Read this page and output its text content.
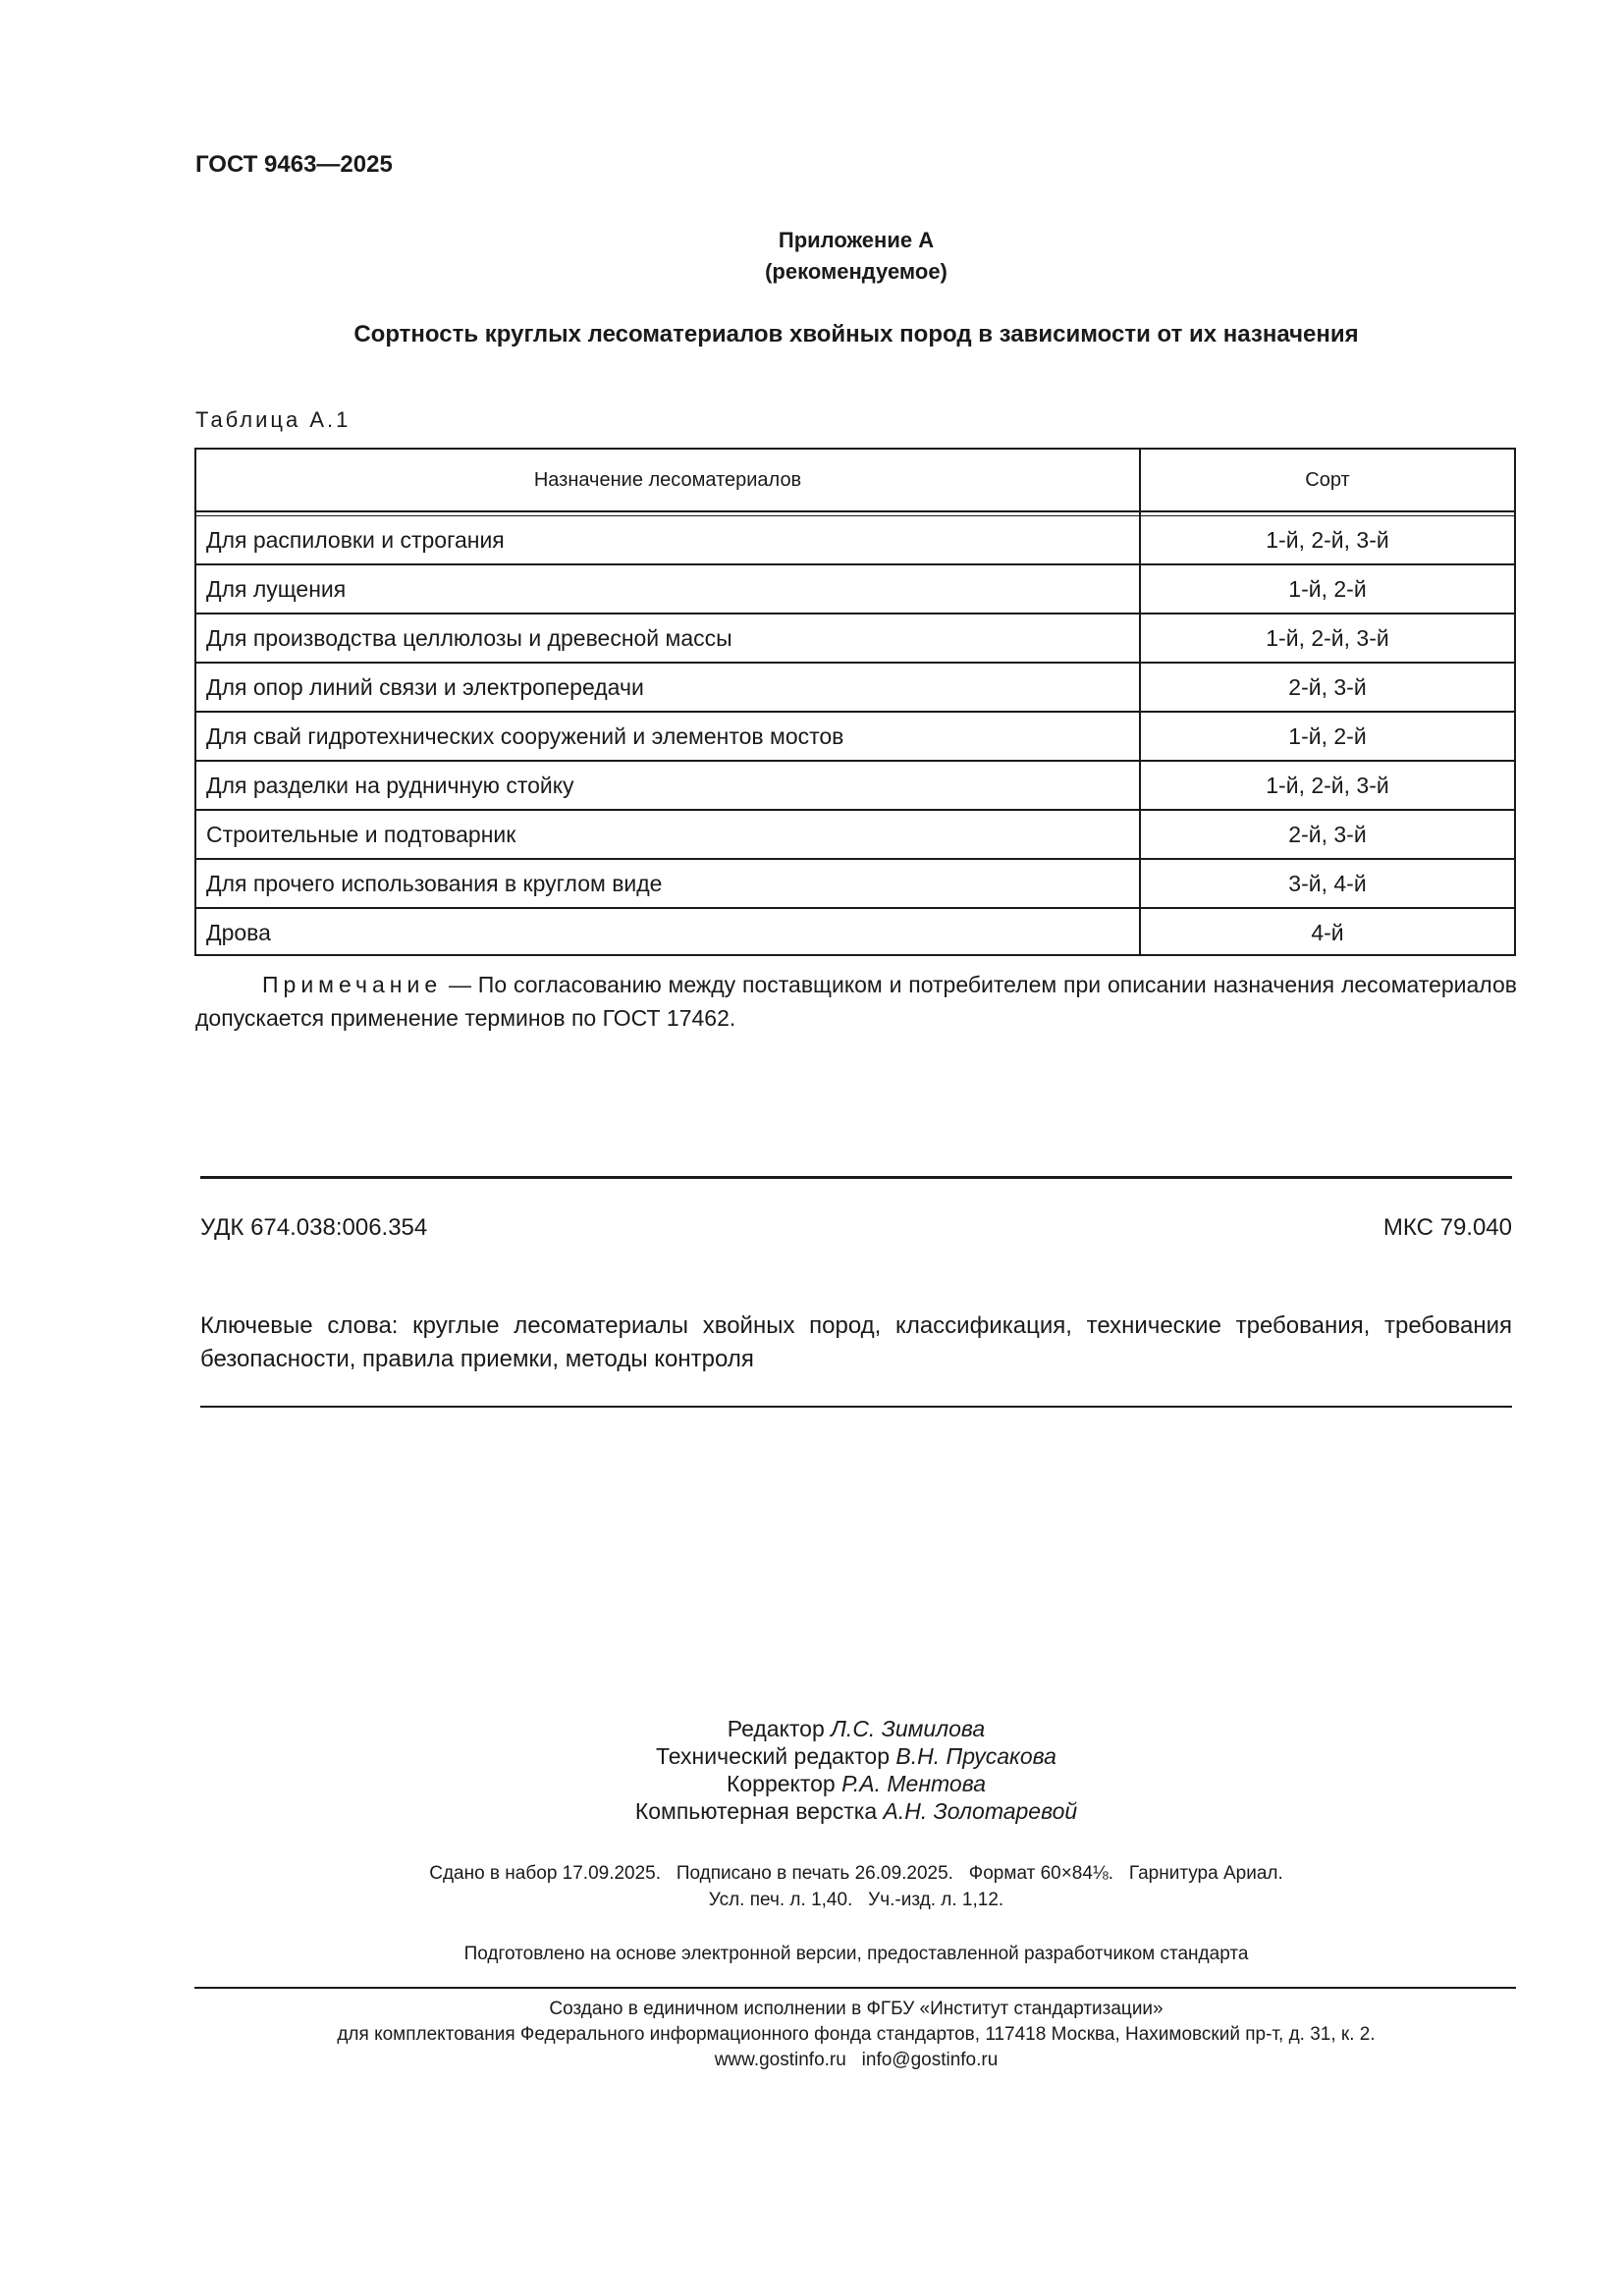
ГОСТ 9463—2025
Приложение А
(рекомендуемое)
Сортность круглых лесоматериалов хвойных пород в зависимости от их назначения
Таблица А.1
Назначение лесоматериалов	Сорт
Для распиловки и строгания	1-й, 2-й, 3-й
Для лущения	1-й, 2-й
Для производства целлюлозы и древесной массы	1-й, 2-й, 3-й
Для опор линий связи и электропередачи	2-й, 3-й
Для свай гидротехнических сооружений и элементов мостов	1-й, 2-й
Для разделки на рудничную стойку	1-й, 2-й, 3-й
Строительные и подтоварник	2-й, 3-й
Для прочего использования в круглом виде	3-й, 4-й
Дрова	4-й
Примечание — По согласованию между поставщиком и потребителем при описании назначения лесоматериалов допускается применение терминов по ГОСТ 17462.
УДК 674.038:006.354	МКС 79.040
Ключевые слова: круглые лесоматериалы хвойных пород, классификация, технические требования, требования безопасности, правила приемки, методы контроля
Редактор Л.С. Зимилова
Технический редактор В.Н. Прусакова
Корректор Р.А. Ментова
Компьютерная верстка А.Н. Золотаревой
Сдано в набор 17.09.2025.   Подписано в печать 26.09.2025.   Формат 60×84⅛.   Гарнитура Ариал.
Усл. печ. л. 1,40.   Уч.-изд. л. 1,12.
Подготовлено на основе электронной версии, предоставленной разработчиком стандарта
Создано в единичном исполнении в ФГБУ «Институт стандартизации»
для комплектования Федерального информационного фонда стандартов, 117418 Москва, Нахимовский пр-т, д. 31, к. 2.
www.gostinfo.ru   info@gostinfo.ru
